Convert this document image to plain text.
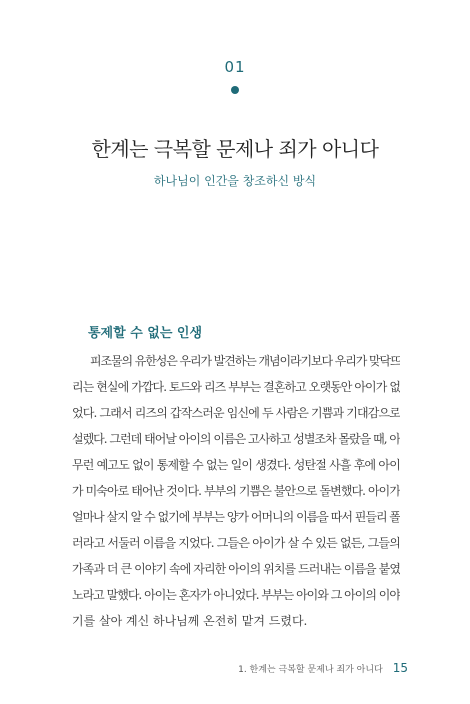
01
한계는 극복할 문제나 죄가 아니다
하나님이 인간을 창조하신 방식
통제할 수 없는 인생
피조물의 유한성은 우리가 발견하는 개념이라기보다 우리가 맞닥뜨
리는 현실에 가깝다. 토드와 리즈 부부는 결혼하고 오랫동안 아이가 없
었다. 그래서 리즈의 갑작스러운 임신에 두 사람은 기쁨과 기대감으로
설렜다. 그런데 태어날 아이의 이름은 고사하고 성별조차 몰랐을 때, 아
무런 예고도 없이 통제할 수 없는 일이 생겼다. 성탄절 사흘 후에 아이
가 미숙아로 태어난 것이다. 부부의 기쁨은 불안으로 돌변했다. 아이가
얼마나 살지 알 수 없기에 부부는 양가 어머니의 이름을 따서 핀들리 폴
러라고 서둘러 이름을 지었다. 그들은 아이가 살 수 있든 없든, 그들의
가족과 더 큰 이야기 속에 자리한 아이의 위치를 드러내는 이름을 붙였
노라고 말했다. 아이는 혼자가 아니었다. 부부는 아이와 그 아이의 이야
기를 살아 계신 하나님께 온전히 맡겨 드렸다.
1. 한계는 극복할 문제나 죄가 아니다 15
